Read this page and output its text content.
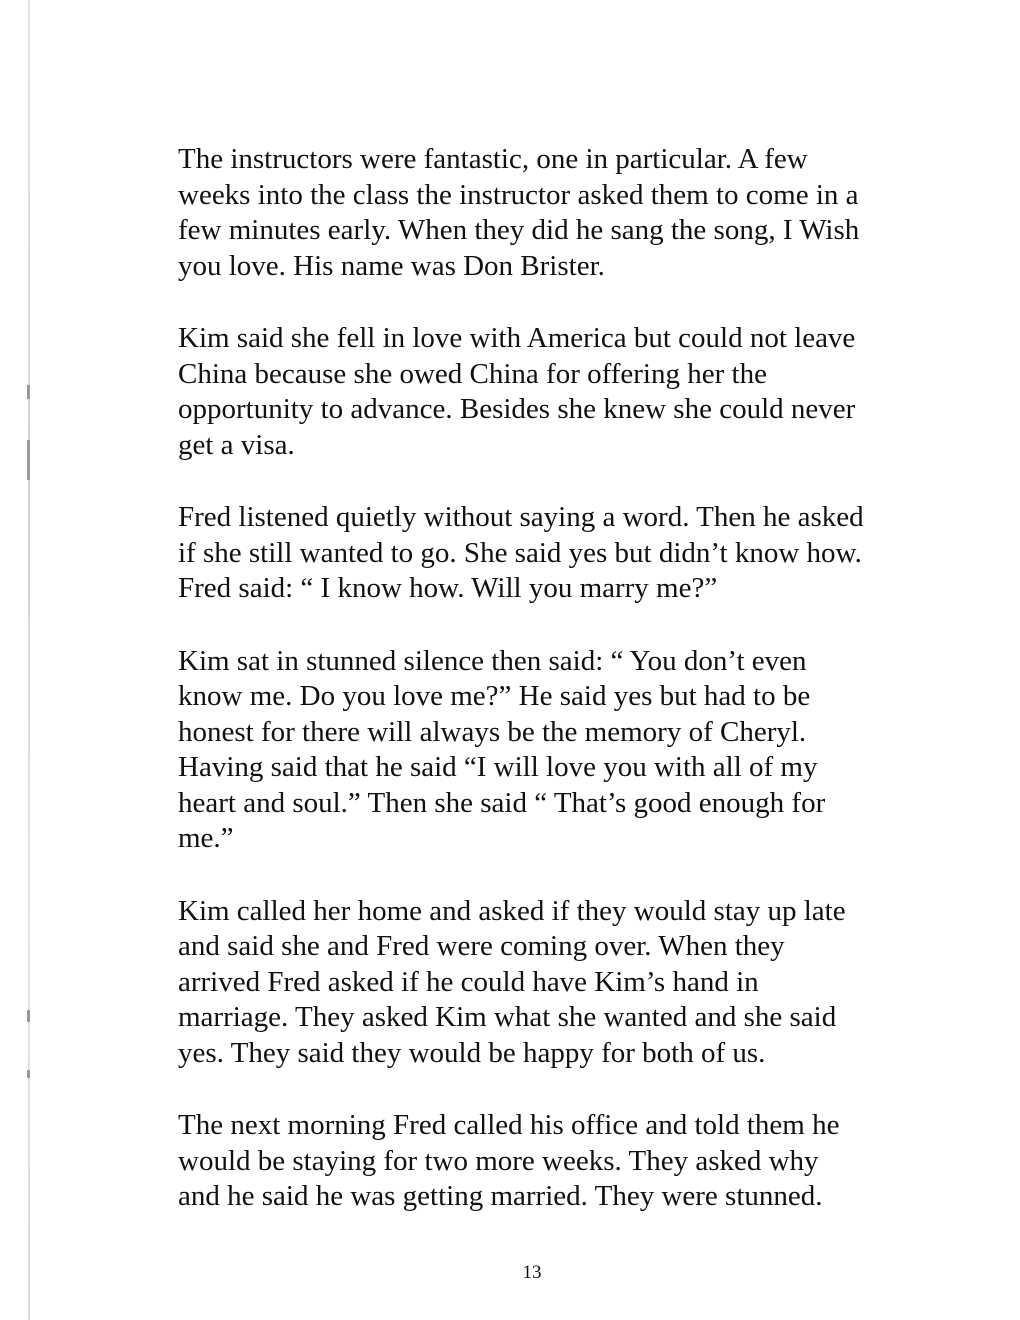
The instructors were fantastic, one in particular. A few
weeks into the class the instructor asked them to come in a
few minutes early. When they did he sang the song, I Wish
you love. His name was Don Brister.

Kim said she fell in love with America but could not leave
China because she owed China for offering her the
opportunity to advance. Besides she knew she could never
get a visa.

Fred listened quietly without saying a word. Then he asked
if she still wanted to go. She said yes but didn’t know how.
Fred said: “ I know how. Will you marry me?”

Kim sat in stunned silence then said: “ You don’t even
know me. Do you love me?” He said yes but had to be
honest for there will always be the memory of Cheryl.
Having said that he said “I will love you with all of my
heart and soul.” Then she said “ That’s good enough for
me.”

Kim called her home and asked if they would stay up late
and said she and Fred were coming over. When they
arrived Fred asked if he could have Kim’s hand in
marriage. They asked Kim what she wanted and she said
yes. They said they would be happy for both of us.

The next morning Fred called his office and told them he
would be staying for two more weeks. They asked why
and he said he was getting married. They were stunned.

13
